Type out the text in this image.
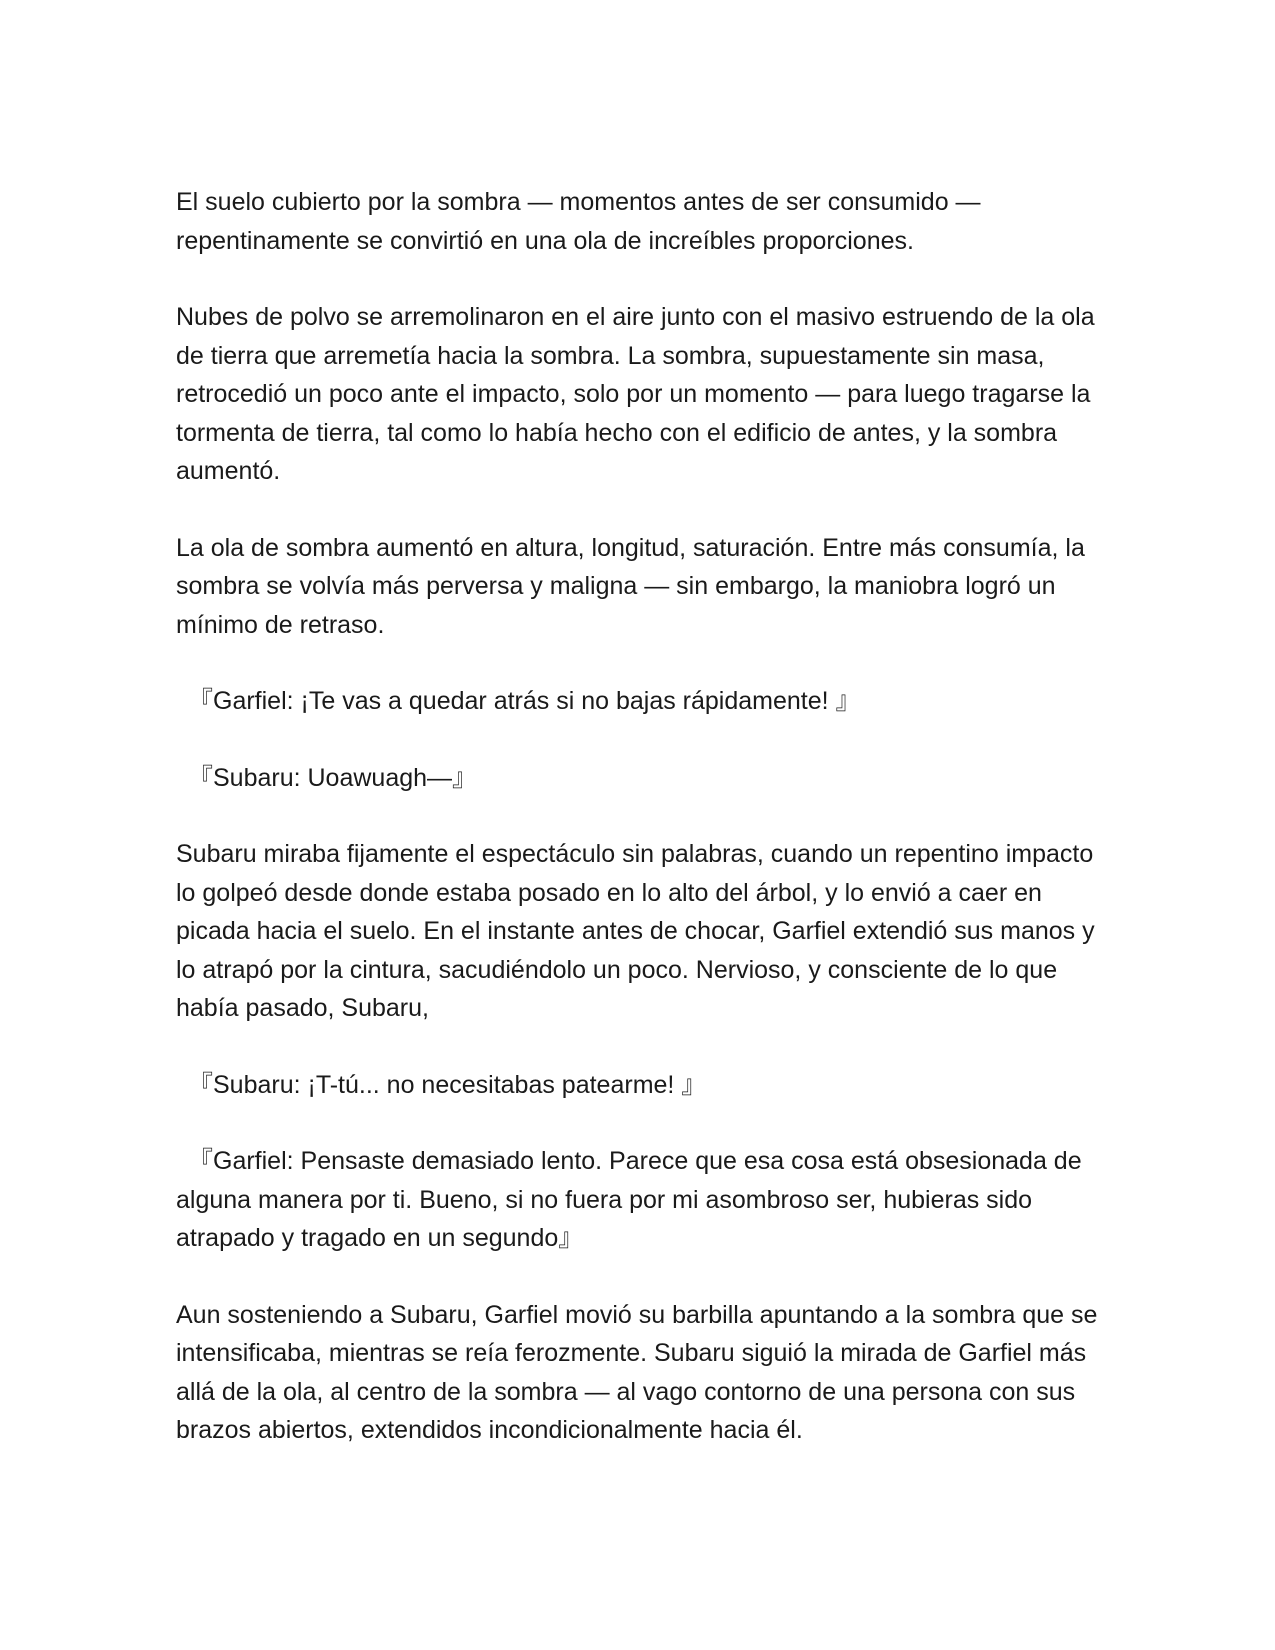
El suelo cubierto por la sombra — momentos antes de ser consumido — repentinamente se convirtió en una ola de increíbles proporciones.

Nubes de polvo se arremolinaron en el aire junto con el masivo estruendo de la ola de tierra que arremetía hacia la sombra. La sombra, supuestamente sin masa, retrocedió un poco ante el impacto, solo por un momento — para luego tragarse la tormenta de tierra, tal como lo había hecho con el edificio de antes, y la sombra aumentó.

La ola de sombra aumentó en altura, longitud, saturación. Entre más consumía, la sombra se volvía más perversa y maligna — sin embargo, la maniobra logró un mínimo de retraso.

『Garfiel: ¡Te vas a quedar atrás si no bajas rápidamente! 』

『Subaru: Uoawuagh—』

Subaru miraba fijamente el espectáculo sin palabras, cuando un repentino impacto lo golpeó desde donde estaba posado en lo alto del árbol, y lo envió a caer en picada hacia el suelo. En el instante antes de chocar, Garfiel extendió sus manos y lo atrapó por la cintura, sacudiéndolo un poco. Nervioso, y consciente de lo que había pasado, Subaru,

『Subaru: ¡T-tú... no necesitabas patearme! 』

『Garfiel: Pensaste demasiado lento. Parece que esa cosa está obsesionada de alguna manera por ti. Bueno, si no fuera por mi asombroso ser, hubieras sido atrapado y tragado en un segundo』

Aun sosteniendo a Subaru, Garfiel movió su barbilla apuntando a la sombra que se intensificaba, mientras se reía ferozmente. Subaru siguió la mirada de Garfiel más allá de la ola, al centro de la sombra — al vago contorno de una persona con sus brazos abiertos, extendidos incondicionalmente hacia él.
